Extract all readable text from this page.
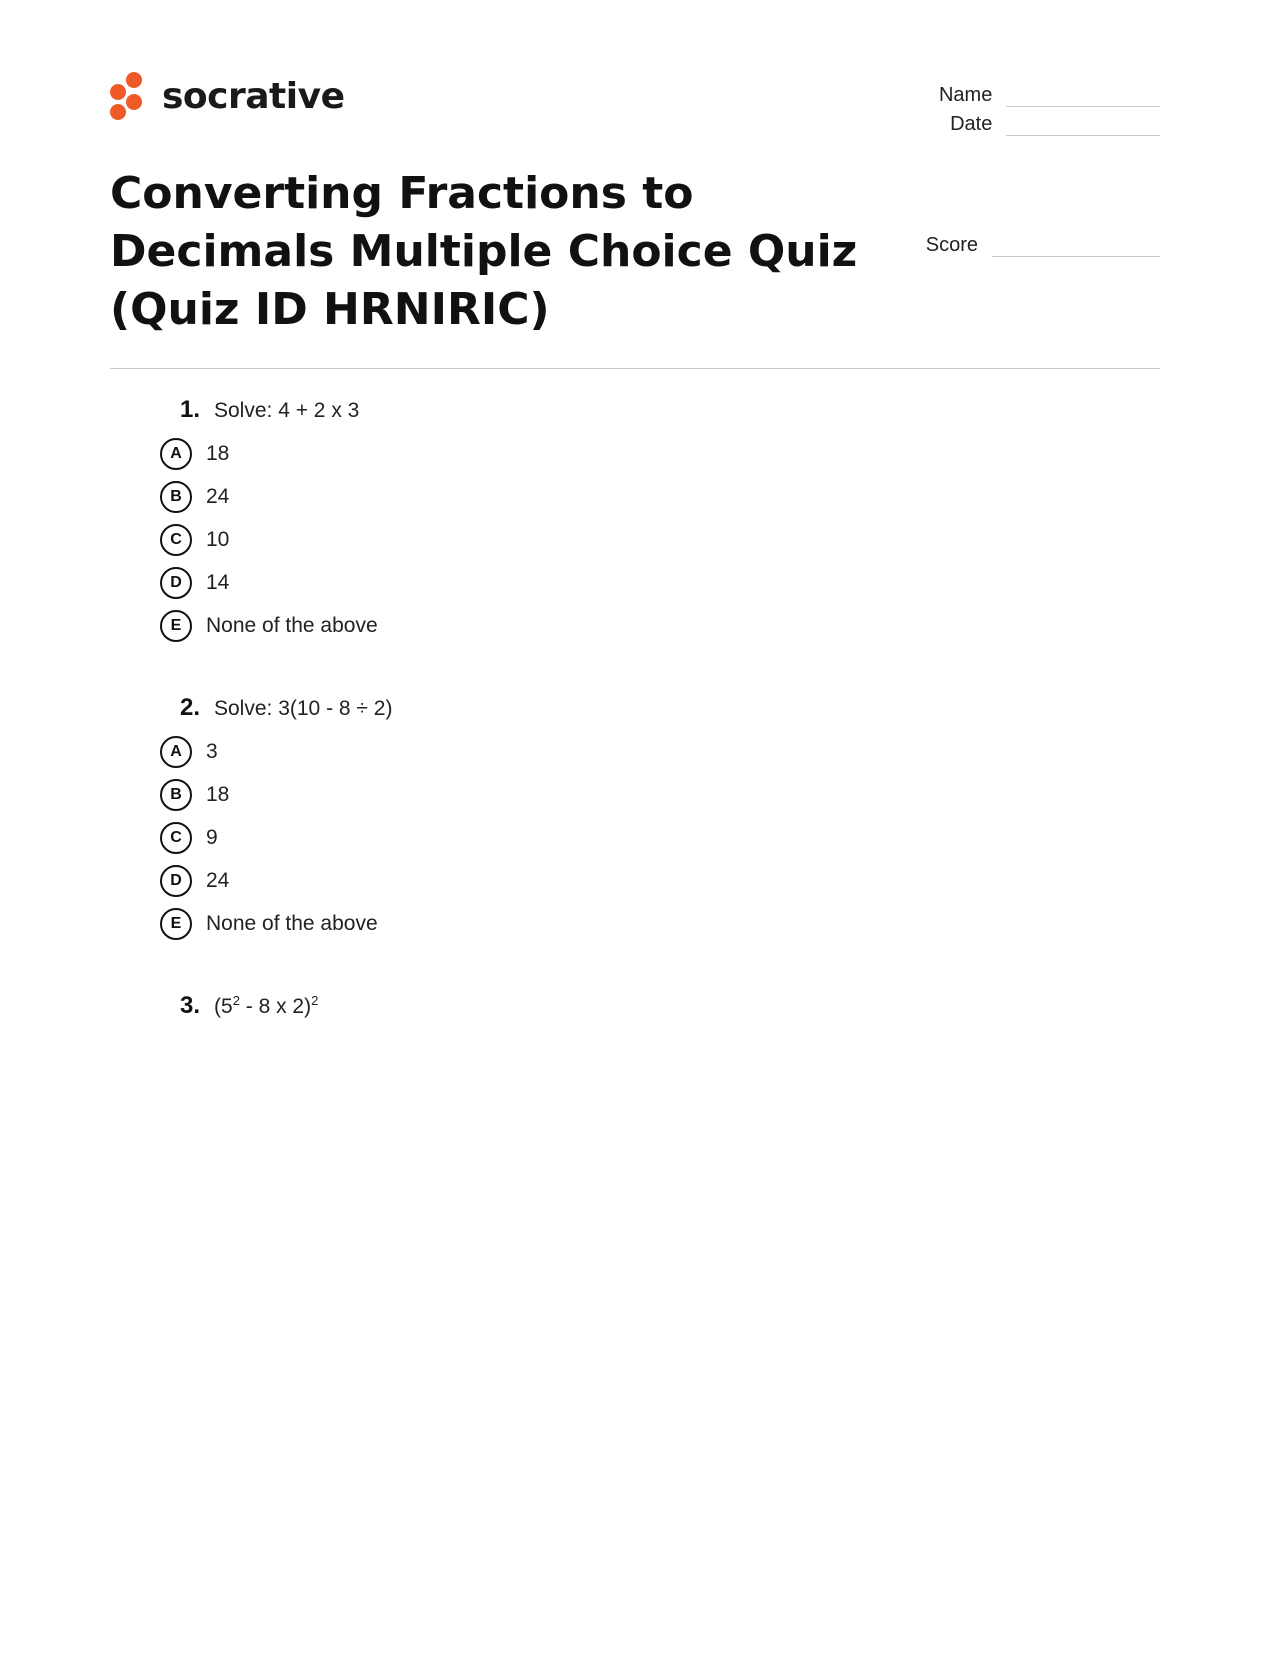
socrative	Name
Date
Score
Converting Fractions to Decimals Multiple Choice Quiz (Quiz ID HRNIRIC)
1. Solve: 4 + 2 x 3
A	18
B	24
C	10
D	14
E	None of the above
2. Solve: 3(10 - 8 ÷ 2)
A	3
B	18
C	9
D	24
E	None of the above
3. ($5^2 - 8$ x 2)$^2$
